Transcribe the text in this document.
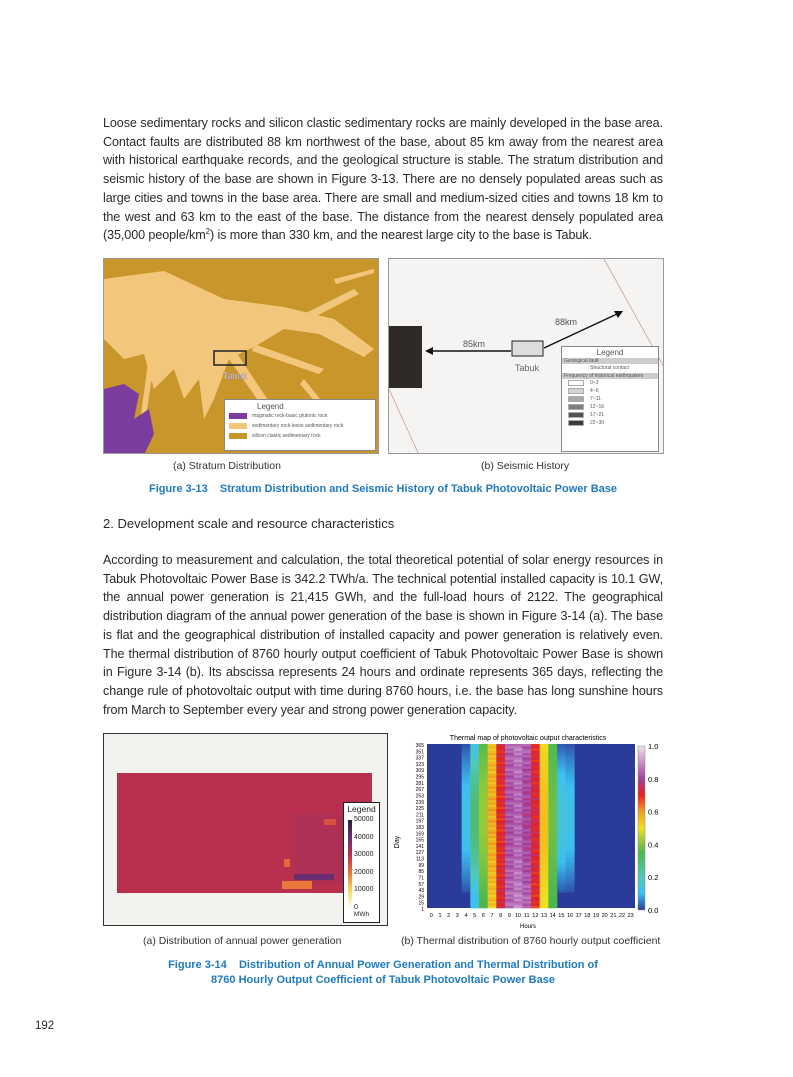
Loose sedimentary rocks and silicon clastic sedimentary rocks are mainly developed in the base area. Contact faults are distributed 88 km northwest of the base, about 85 km away from the nearest area with historical earthquake records, and the geological structure is stable. The stratum distribution and seismic history of the base are shown in Figure 3-13. There are no densely populated areas such as large cities and towns in the base area. There are small and medium-sized cities and towns 18 km to the west and 63 km to the east of the base. The distance from the nearest densely populated area (35,000 people/$km^2$) is more than 330 km, and the nearest large city to the base is Tabuk.

Tabuk
Legend
magmatic rock-basic plutonic rock
sedimentary rock-loose sedimentary rock
silicon clastic sedimentary rock
85km
88km
Tabuk
Legend
Geological fault
Structural contact
Frequency of historical earthquakes
0~3
4~6
7~11
12~16
17~21
22~30
(a) Stratum Distribution	(b) Seismic History
Figure 3-13    Stratum Distribution and Seismic History of Tabuk Photovoltaic Power Base
2. Development scale and resource characteristics

According to measurement and calculation, the total theoretical potential of solar energy resources in Tabuk Photovoltaic Power Base is 342.2 TWh/a. The technical potential installed capacity is 10.1 GW, the annual power generation is 21,415 GWh, and the full-load hours of 2122. The geographical distribution diagram of the annual power generation of the base is shown in Figure 3-14 (a). The base is flat and the geographical distribution of installed capacity and power generation is relatively even. The thermal distribution of 8760 hourly output coefficient of Tabuk Photovoltaic Power Base is shown in Figure 3-14 (b). Its abscissa represents 24 hours and ordinate represents 365 days, reflecting the change rule of photovoltaic output with time during 8760 hours, i.e. the base has long sunshine hours from March to September every year and strong power generation capacity.

Legend
50000
40000
30000
20000
10000
0
MWh
Thermal map of photovoltaic output characteristics
Hours
Day
0 1 2 3 4 5 6 7 8 9 10 11 12 13 14 15 16 17 18 19 20 21 22 23
365
351
337
323
309
295
281
267
253
239
225
211
197
183
169
155
141
127
113
99
85
71
57
43
29
15
1
1.0
0.8
0.6
0.4
0.2
0.0
(a) Distribution of annual power generation	(b) Thermal distribution of 8760 hourly output coefficient
Figure 3-14    Distribution of Annual Power Generation and Thermal Distribution of
8760 Hourly Output Coefficient of Tabuk Photovoltaic Power Base
192
